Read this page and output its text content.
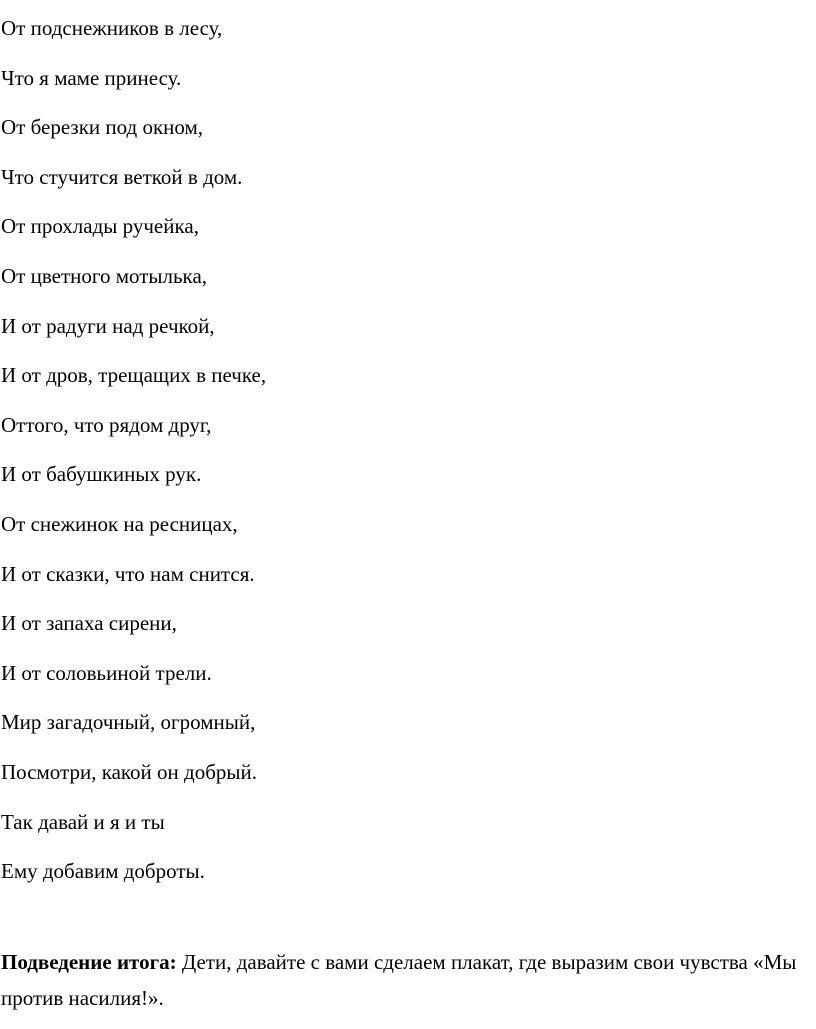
От подснежников в лесу,
Что я маме принесу.
От березки под окном,
Что стучится веткой в дом.
От прохлады ручейка,
От цветного мотылька,
И от радуги над речкой,
И от дров, трещащих в печке,
Оттого, что рядом друг,
И от бабушкиных рук.
От снежинок на ресницах,
И от сказки, что нам снится.
И от запаха сирени,
И от соловьиной трели.
Мир загадочный, огромный,
Посмотри, какой он добрый.
Так давай и я и ты
Ему добавим доброты.

Подведение итога: Дети, давайте с вами сделаем плакат, где выразим свои чувства «Мы против насилия!».
